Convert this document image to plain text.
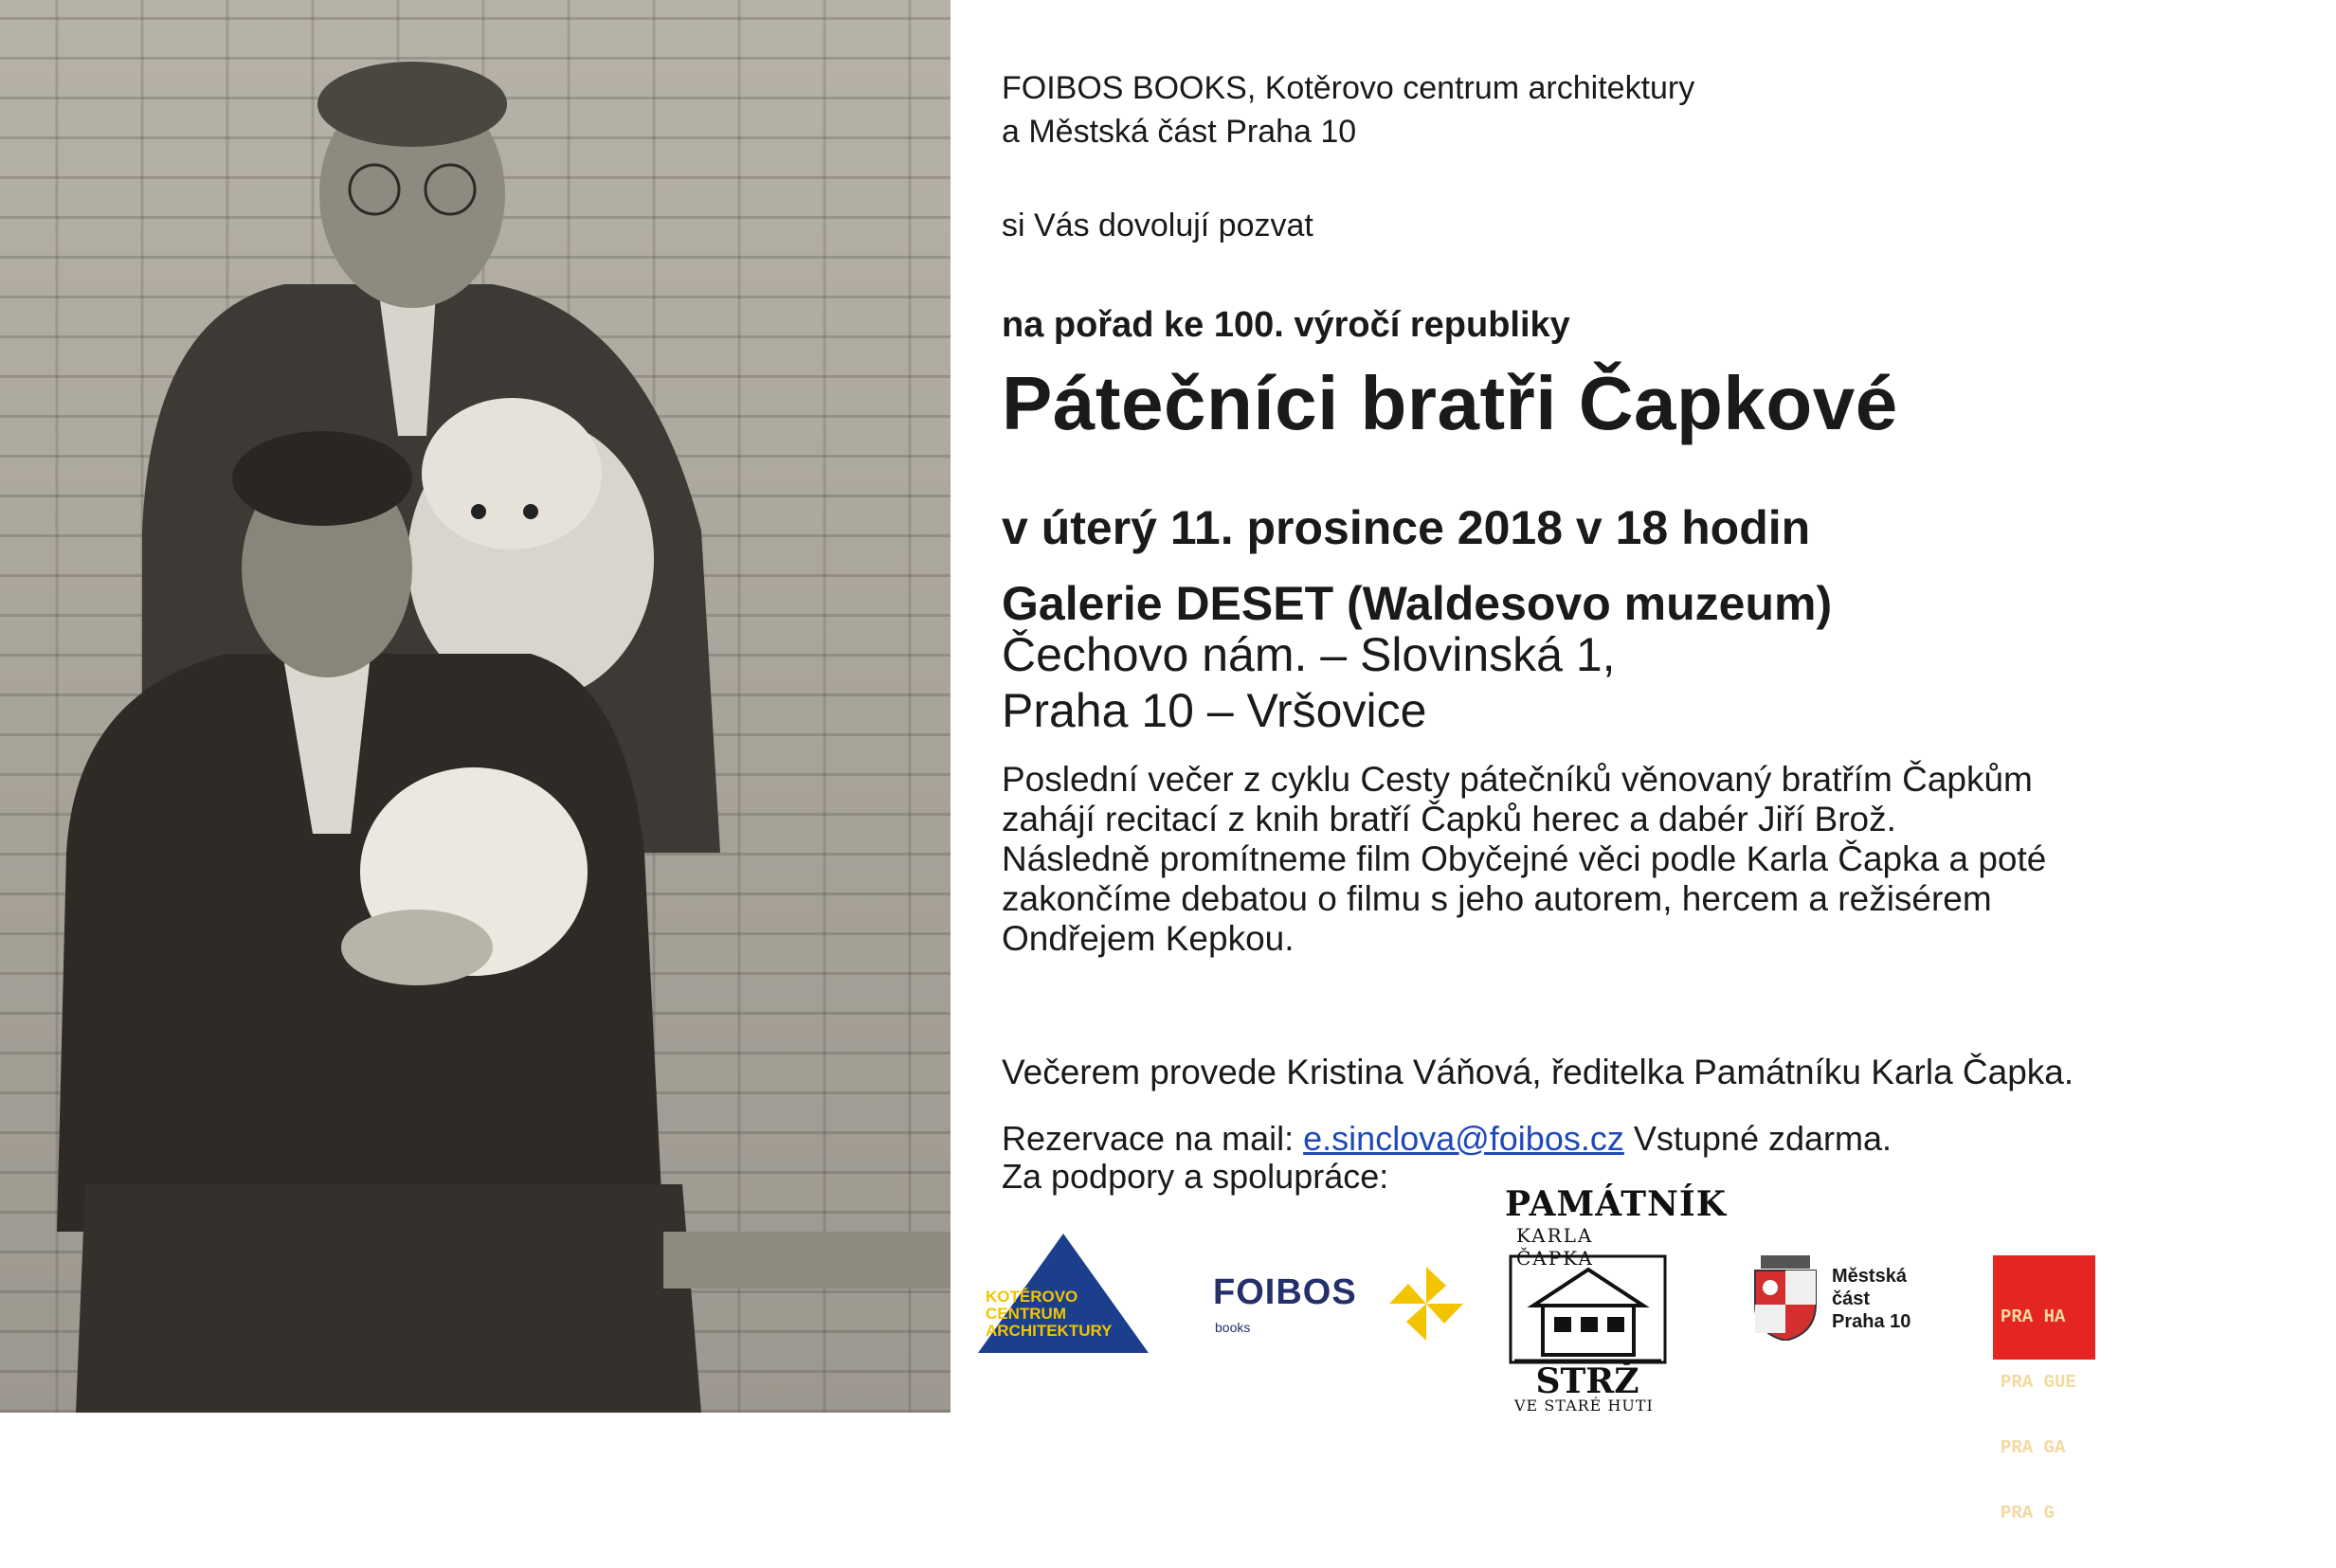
FOIBOS BOOKS, Kotěrovo centrum architektury
a Městská část Praha 10
si Vás dovolují pozvat
na pořad ke 100. výročí republiky
Pátečníci bratři Čapkové
v úterý 11. prosince 2018 v 18 hodin
Galerie DESET (Waldesovo muzeum)
Čechovo nám. – Slovinská 1,
Praha 10 – Vršovice
Poslední večer z cyklu Cesty pátečníků věnovaný bratřím Čapkům
zahájí recitací z knih bratří Čapků herec a dabér Jiří Brož.
Následně promítneme film Obyčejné věci podle Karla Čapka a poté
zakončíme debatou o filmu s jeho autorem, hercem a režisérem
Ondřejem Kepkou.
Večerem provede Kristina Váňová, ředitelka Památníku Karla Čapka.
Rezervace na mail: e.sinclova@foibos.cz Vstupné zdarma.
Za podpory a spolupráce:
KOTĚROVO
CENTRUM
ARCHITEKTURY
FOIBOS
books
PAMÁTNÍK
KARLA ČAPKA
STRŽ
VE STARÉ HUTI
Městská
část
Praha 10

	PRA HA

PRA GUE

PRA GA

PRA G
